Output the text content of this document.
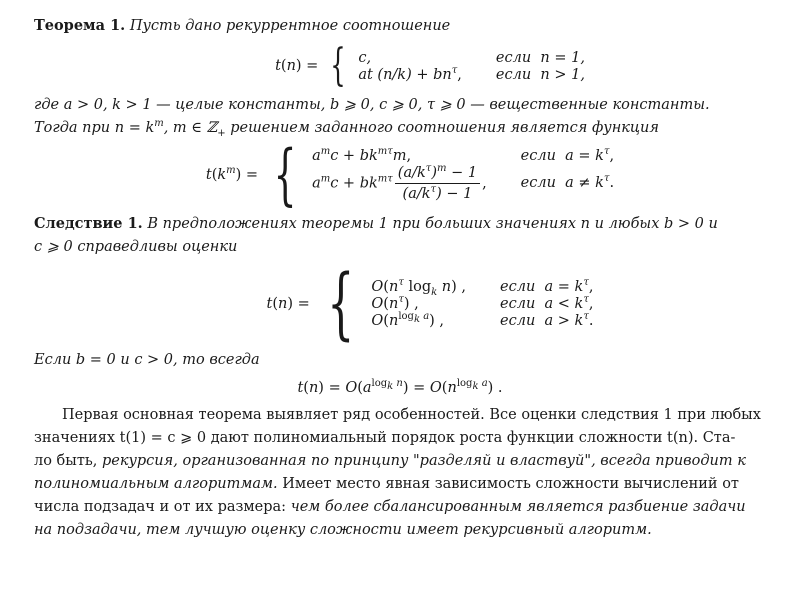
Теорема 1. Пусть дано рекуррентное соотношение

t(n) = { c,	если n = 1,
at $(n/k) + bn^\tau$, если n > 1,

где a > 0, k > 1 — целые константы, b ⩾ 0, c ⩾ 0, τ ⩾ 0 — вещественные константы.

Тогда при $n = k^m$, m ∈ ℤ$_+$ решением заданного соотношения является функция

$t(k^m)$ = { $a^mc + bk^{m\tau}m$,	если $a = k^\tau$,
$a^mc + bk^{m\tau} \frac{(a/k^\tau)^m - 1}{(a/k^\tau) - 1}$ , если $a \ne k^\tau$.

Следствие 1. В предположениях теоремы 1 при больших значениях n и любых b > 0 и

c ⩾ 0 справедливы оценки

t(n) = { $O(n^\tau$ $\log_k n$) , если $a = k^\tau$,
$O(n^\tau)$ ,	если $a < k^\tau$,
$O(n^{log_k a})$ ,	если $a > k^\tau$.

Если b = 0 и c > 0, то всегда

$t(n) = O(a^{log_k n}) = O(n^{log_k a})$ .

Первая основная теорема выявляет ряд особенностей. Все оценки следствия 1 при любых

значениях t(1) = c ⩾ 0 дают полиномиальный порядок роста функции сложности t(n). Ста-

ло быть, рекурсия, организованная по принципу "разделяй и властвуй", всегда приводит к

полиномиальным алгоритмам. Имеет место явная зависимость сложности вычислений от

числа подзадач и от их размера: чем более сбалансированным является разбиение задачи

на подзадачи, тем лучшую оценку сложности имеет рекурсивный алгоритм.
